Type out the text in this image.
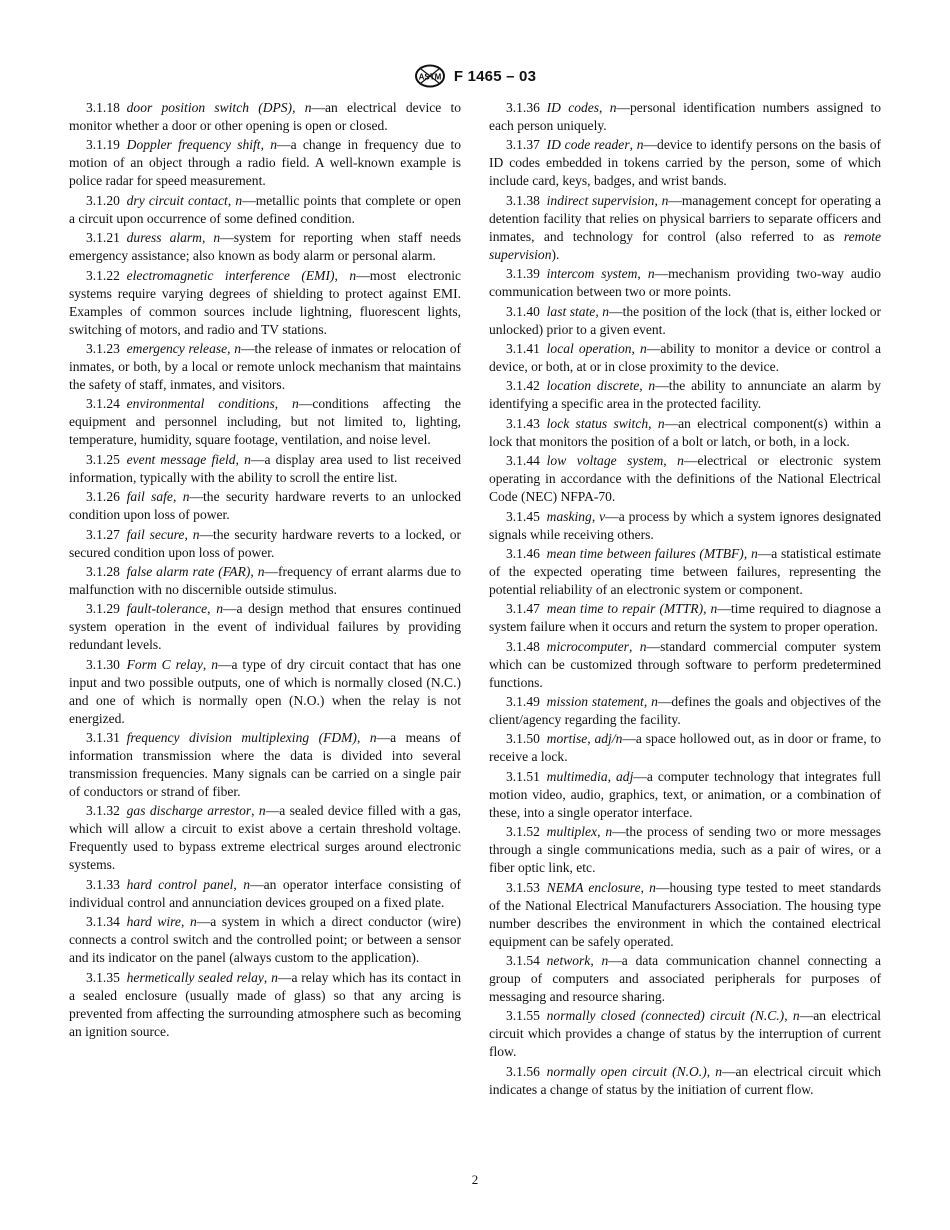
ASTM F 1465 – 03

3.1.18  door position switch (DPS), n—an electrical device to monitor whether a door or other opening is open or closed.

3.1.19  Doppler frequency shift, n—a change in frequency due to motion of an object through a radio field. A well-known example is police radar for speed measurement.

3.1.20  dry circuit contact, n—metallic points that complete or open a circuit upon occurrence of some defined condition.

3.1.21  duress alarm, n—system for reporting when staff needs emergency assistance; also known as body alarm or personal alarm.

3.1.22  electromagnetic interference (EMI), n—most electronic systems require varying degrees of shielding to protect against EMI. Examples of common sources include lightning, fluorescent lights, switching of motors, and radio and TV stations.

3.1.23  emergency release, n—the release of inmates or relocation of inmates, or both, by a local or remote unlock mechanism that maintains the safety of staff, inmates, and visitors.

3.1.24  environmental conditions, n—conditions affecting the equipment and personnel including, but not limited to, lighting, temperature, humidity, square footage, ventilation, and noise level.

3.1.25  event message field, n—a display area used to list received information, typically with the ability to scroll the entire list.

3.1.26  fail safe, n—the security hardware reverts to an unlocked condition upon loss of power.

3.1.27  fail secure, n—the security hardware reverts to a locked, or secured condition upon loss of power.

3.1.28  false alarm rate (FAR), n—frequency of errant alarms due to malfunction with no discernible outside stimulus.

3.1.29  fault-tolerance, n—a design method that ensures continued system operation in the event of individual failures by providing redundant levels.

3.1.30  Form C relay, n—a type of dry circuit contact that has one input and two possible outputs, one of which is normally closed (N.C.) and one of which is normally open (N.O.) when the relay is not energized.

3.1.31  frequency division multiplexing (FDM), n—a means of information transmission where the data is divided into several transmission frequencies. Many signals can be carried on a single pair of conductors or strand of fiber.

3.1.32  gas discharge arrestor, n—a sealed device filled with a gas, which will allow a circuit to exist above a certain threshold voltage. Frequently used to bypass extreme electrical surges around electronic systems.

3.1.33  hard control panel, n—an operator interface consisting of individual control and annunciation devices grouped on a fixed plate.

3.1.34  hard wire, n—a system in which a direct conductor (wire) connects a control switch and the controlled point; or between a sensor and its indicator on the panel (always custom to the application).

3.1.35  hermetically sealed relay, n—a relay which has its contact in a sealed enclosure (usually made of glass) so that any arcing is prevented from affecting the surrounding atmosphere such as becoming an ignition source.

3.1.36  ID codes, n—personal identification numbers assigned to each person uniquely.

3.1.37  ID code reader, n—device to identify persons on the basis of ID codes embedded in tokens carried by the person, some of which include card, keys, badges, and wrist bands.

3.1.38  indirect supervision, n—management concept for operating a detention facility that relies on physical barriers to separate officers and inmates, and technology for control (also referred to as remote supervision).

3.1.39  intercom system, n—mechanism providing two-way audio communication between two or more points.

3.1.40  last state, n—the position of the lock (that is, either locked or unlocked) prior to a given event.

3.1.41  local operation, n—ability to monitor a device or control a device, or both, at or in close proximity to the device.

3.1.42  location discrete, n—the ability to annunciate an alarm by identifying a specific area in the protected facility.

3.1.43  lock status switch, n—an electrical component(s) within a lock that monitors the position of a bolt or latch, or both, in a lock.

3.1.44  low voltage system, n—electrical or electronic system operating in accordance with the definitions of the National Electrical Code (NEC) NFPA-70.

3.1.45  masking, v—a process by which a system ignores designated signals while receiving others.

3.1.46  mean time between failures (MTBF), n—a statistical estimate of the expected operating time between failures, representing the potential reliability of an electronic system or component.

3.1.47  mean time to repair (MTTR), n—time required to diagnose a system failure when it occurs and return the system to proper operation.

3.1.48  microcomputer, n—standard commercial computer system which can be customized through software to perform predetermined functions.

3.1.49  mission statement, n—defines the goals and objectives of the client/agency regarding the facility.

3.1.50  mortise, adj/n—a space hollowed out, as in door or frame, to receive a lock.

3.1.51  multimedia, adj—a computer technology that integrates full motion video, audio, graphics, text, or animation, or a combination of these, into a single operator interface.

3.1.52  multiplex, n—the process of sending two or more messages through a single communications media, such as a pair of wires, or a fiber optic link, etc.

3.1.53  NEMA enclosure, n—housing type tested to meet standards of the National Electrical Manufacturers Association. The housing type number describes the environment in which the contained electrical equipment can be safely operated.

3.1.54  network, n—a data communication channel connecting a group of computers and associated peripherals for purposes of messaging and resource sharing.

3.1.55  normally closed (connected) circuit (N.C.), n—an electrical circuit which provides a change of status by the interruption of current flow.

3.1.56  normally open circuit (N.O.), n—an electrical circuit which indicates a change of status by the initiation of current flow.

2
